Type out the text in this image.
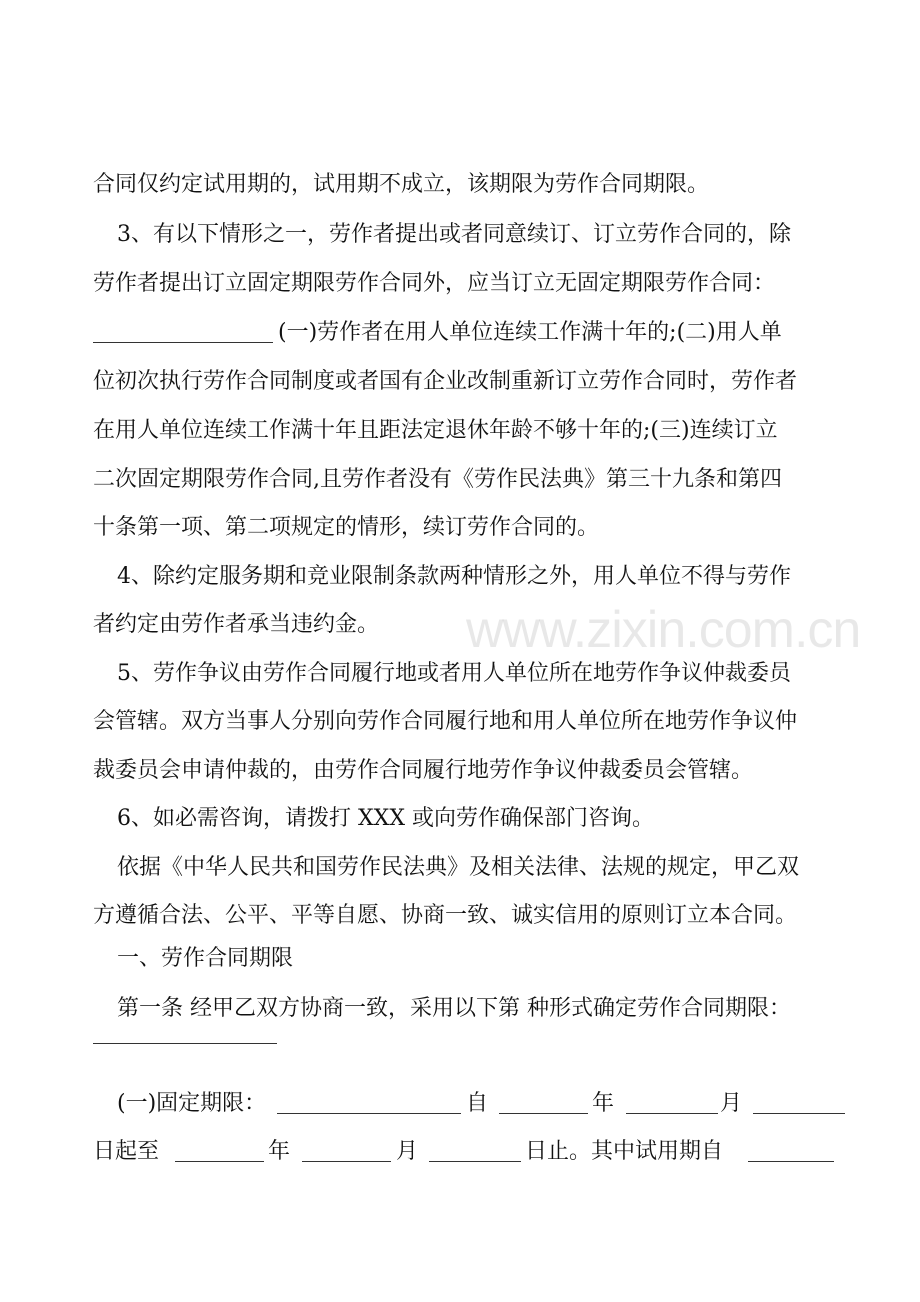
www.zixin.com.cn
合同仅约定试用期的，试用期不成立，该期限为劳作合同期限。
3、有以下情形之一，劳作者提出或者同意续订、订立劳作合同的，除
劳作者提出订立固定期限劳作合同外，应当订立无固定期限劳作合同：
(一)劳作者在用人单位连续工作满十年的;(二)用人单
位初次执行劳作合同制度或者国有企业改制重新订立劳作合同时，劳作者
在用人单位连续工作满十年且距法定退休年龄不够十年的;(三)连续订立
二次固定期限劳作合同,且劳作者没有《劳作民法典》第三十九条和第四
十条第一项、第二项规定的情形，续订劳作合同的。
4、除约定服务期和竞业限制条款两种情形之外，用人单位不得与劳作
者约定由劳作者承当违约金。
5、劳作争议由劳作合同履行地或者用人单位所在地劳作争议仲裁委员
会管辖。双方当事人分别向劳作合同履行地和用人单位所在地劳作争议仲
裁委员会申请仲裁的，由劳作合同履行地劳作争议仲裁委员会管辖。
6、如必需咨询，请拨打 XXX 或向劳作确保部门咨询。
依据《中华人民共和国劳作民法典》及相关法律、法规的规定，甲乙双
方遵循合法、公平、平等自愿、协商一致、诚实信用的原则订立本合同。
一、劳作合同期限
第一条 经甲乙双方协商一致，采用以下第 种形式确定劳作合同期限：
(一)固定期限：	自	年	月
日起至	年	月	日止。其中试用期自
